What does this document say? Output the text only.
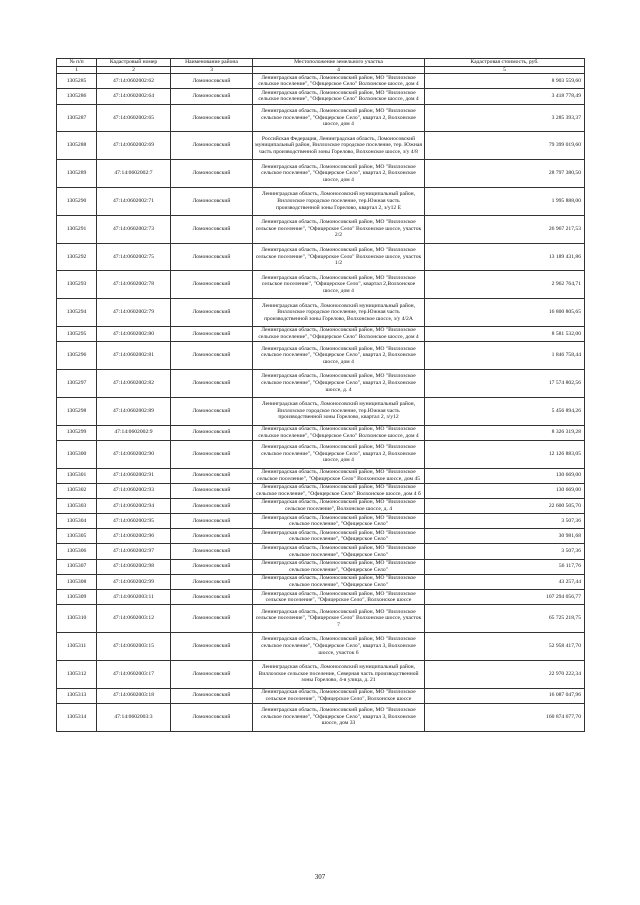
№ п/п	Кадастровый номер	Наименование района	Местоположение земельного участка	Кадастровая стоимость, руб.
1	2	3	4	5
1305285	47:14:0602002:62	Ломоносовский	Ленинградская область, Ломоносовский район, МО "Виллозское сельское поселение", "Офицерское Село" Волхонское шоссе, дом 4	8 903 559,60
1305286	47:14:0602002:64	Ломоносовский	Ленинградская область, Ломоносовский район, МО "Виллозское сельское поселение", "Офицерское Село" Волхонское шоссе, дом 4	3 418 778,49
1305287	47:14:0602002:65	Ломоносовский	Ленинградская область, Ломоносовский район, МО "Виллозское сельское поселение", "Офицерское Село", квартал 2, Волхонское шоссе, дом 4	3 285 393,37
1305288	47:14:0602002:69	Ломоносовский	Российская Федерация, Ленинградская область, Ломоносовский муниципальный район, Виллозское городское поселение, тер. Южная часть производственной зоны Горелово, Волхонское шоссе, з/у 4/8	79 399 019,60
1305289	47:14:0602002:7	Ломоносовский	Ленинградская область, Ломоносовский район, МО "Виллозское сельское поселение", "Офицерское Село", квартал 2, Волхонское шоссе, дом 4	28 797 380,50
1305290	47:14:0602002:71	Ломоносовский	Ленинградская область, Ломоносовский муниципальный район, Виллозское городское поселение, тер.Южная часть производственной зоны Горелово, квартал 2, з/у12 Е	1 995 888,00
1305291	47:14:0602002:73	Ломоносовский	Ленинградская область, Ломоносовский район, МО "Виллозское сельское поселение", "Офицерское Село" Волхонское шоссе, участок 2/2	26 967 217,53
1305292	47:14:0602002:75	Ломоносовский	Ленинградская область, Ломоносовский район, МО "Виллозское сельское поселение", "Офицерское Село" Волхонское шоссе, участок 1/2	13 189 431,86
1305293	47:14:0602002:78	Ломоносовский	Ленинградская область, Ломоносовский район, МО "Виллозское сельское поселение", "Офицерское Село", квартал 2,Волхонское шоссе, дом 4	2 962 764,71
1305294	47:14:0602002:79	Ломоносовский	Ленинградская область, Ломоносовский муниципальный район, Виллозское городское поселение, тер.Южная часть производственной зоны Горелово, Волхонское шоссе, з/у 4/2А	16 800 805,65
1305295	47:14:0602002:80	Ломоносовский	Ленинградская область, Ломоносовский район, МО "Виллозское сельское поселение", "Офицерское Село" Волхонское шоссе, дом 4	8 581 532,00
1305296	47:14:0602002:81	Ломоносовский	Ленинградская область, Ломоносовский район, МО "Виллозское сельское поселение", "Офицерское Село", квартал 2, Волхонское шоссе, дом 4	1 846 758,44
1305297	47:14:0602002:82	Ломоносовский	Ленинградская область, Ломоносовский район, МО "Виллозское сельское поселение", "Офицерское Село", квартал 2, Волхонское шоссе, д. 4	17 574 802,56
1305298	47:14:0602002:89	Ломоносовский	Ленинградская область, Ломоносовский муниципальный район, Виллозское городское поселение, тер.Южная часть производственной зоны Горелово, квартал 2, з/у12	5 456 894,26
1305299	47:14:0602002:9	Ломоносовский	Ленинградская область, Ломоносовский район, МО "Виллозское сельское поселение", "Офицерское Село" Волхонское шоссе, дом 4	8 326 319,28
1305300	47:14:0602002:90	Ломоносовский	Ленинградская область, Ломоносовский район, МО "Виллозское сельское поселение", "Офицерское Село", квартал 2, Волхонское шоссе, дом 4	12 126 883,05
1305301	47:14:0602002:91	Ломоносовский	Ленинградская область, Ломоносовский район, МО "Виллозское сельское поселение", "Офицерское Село" Волхонское шоссе, дом 45	130 669,00
1305302	47:14:0602002:93	Ломоносовский	Ленинградская область, Ломоносовский район, МО "Виллозское сельское поселение", "Офицерское Село" Волхонское шоссе, дом 4 б	130 669,00
1305303	47:14:0602002:94	Ломоносовский	Ленинградская область, Ломоносовский район, МО "Виллозское сельское поселение", Волхонское шоссе, д. 4	22 600 505,70
1305304	47:14:0602002:95	Ломоносовский	Ленинградская область, Ломоносовский район, МО "Виллозское сельское поселение", "Офицерское Село"	3 507,36
1305305	47:14:0602002:96	Ломоносовский	Ленинградская область, Ломоносовский район, МО "Виллозское сельское поселение", "Офицерское Село"	30 981,68
1305306	47:14:0602002:97	Ломоносовский	Ленинградская область, Ломоносовский район, МО "Виллозское сельское поселение", "Офицерское Село"	3 507,36
1305307	47:14:0602002:98	Ломоносовский	Ленинградская область, Ломоносовский район, МО "Виллозское сельское поселение", "Офицерское Село"	56 117,76
1305308	47:14:0602002:99	Ломоносовский	Ленинградская область, Ломоносовский район, МО "Виллозское сельское поселение", "Офицерское Село"	43 257,44
1305309	47:14:0602003:11	Ломоносовский	Ленинградская область, Ломоносовский район, МО "Виллозское сельское поселение", "Офицерское Село", Волхонское шоссе	107 294 056,77
1305310	47:14:0602003:12	Ломоносовский	Ленинградская область, Ломоносовский район, МО "Виллозское сельское поселение", "Офицерское Село" Волхонское шоссе, участок 7	65 725 218,75
1305311	47:14:0602003:15	Ломоносовский	Ленинградская область, Ломоносовский район, МО "Виллозское сельское поселение", "Офицерское Село", квартал 3, Волхонское шоссе, участок 6	52 958 417,70
1305312	47:14:0602003:17	Ломоносовский	Ленинградская область, Ломоносовский муниципальный район, Виллозское сельское поселение, Северная часть производственной зоны Горелово, 4-я улица, д. 21	22 970 222,34
1305313	47:14:0602003:18	Ломоносовский	Ленинградская область, Ломоносовский район, МО "Виллозское сельское поселение", "Офицерское Село", Волхонское шоссе	16 087 047,96
1305314	47:14:0602003:3	Ломоносовский	Ленинградская область, Ломоносовский район, МО "Виллозское сельское поселение", "Офицерское Село", квартал 3, Волхонское шоссе, дом 33	160 874 677,70
307
